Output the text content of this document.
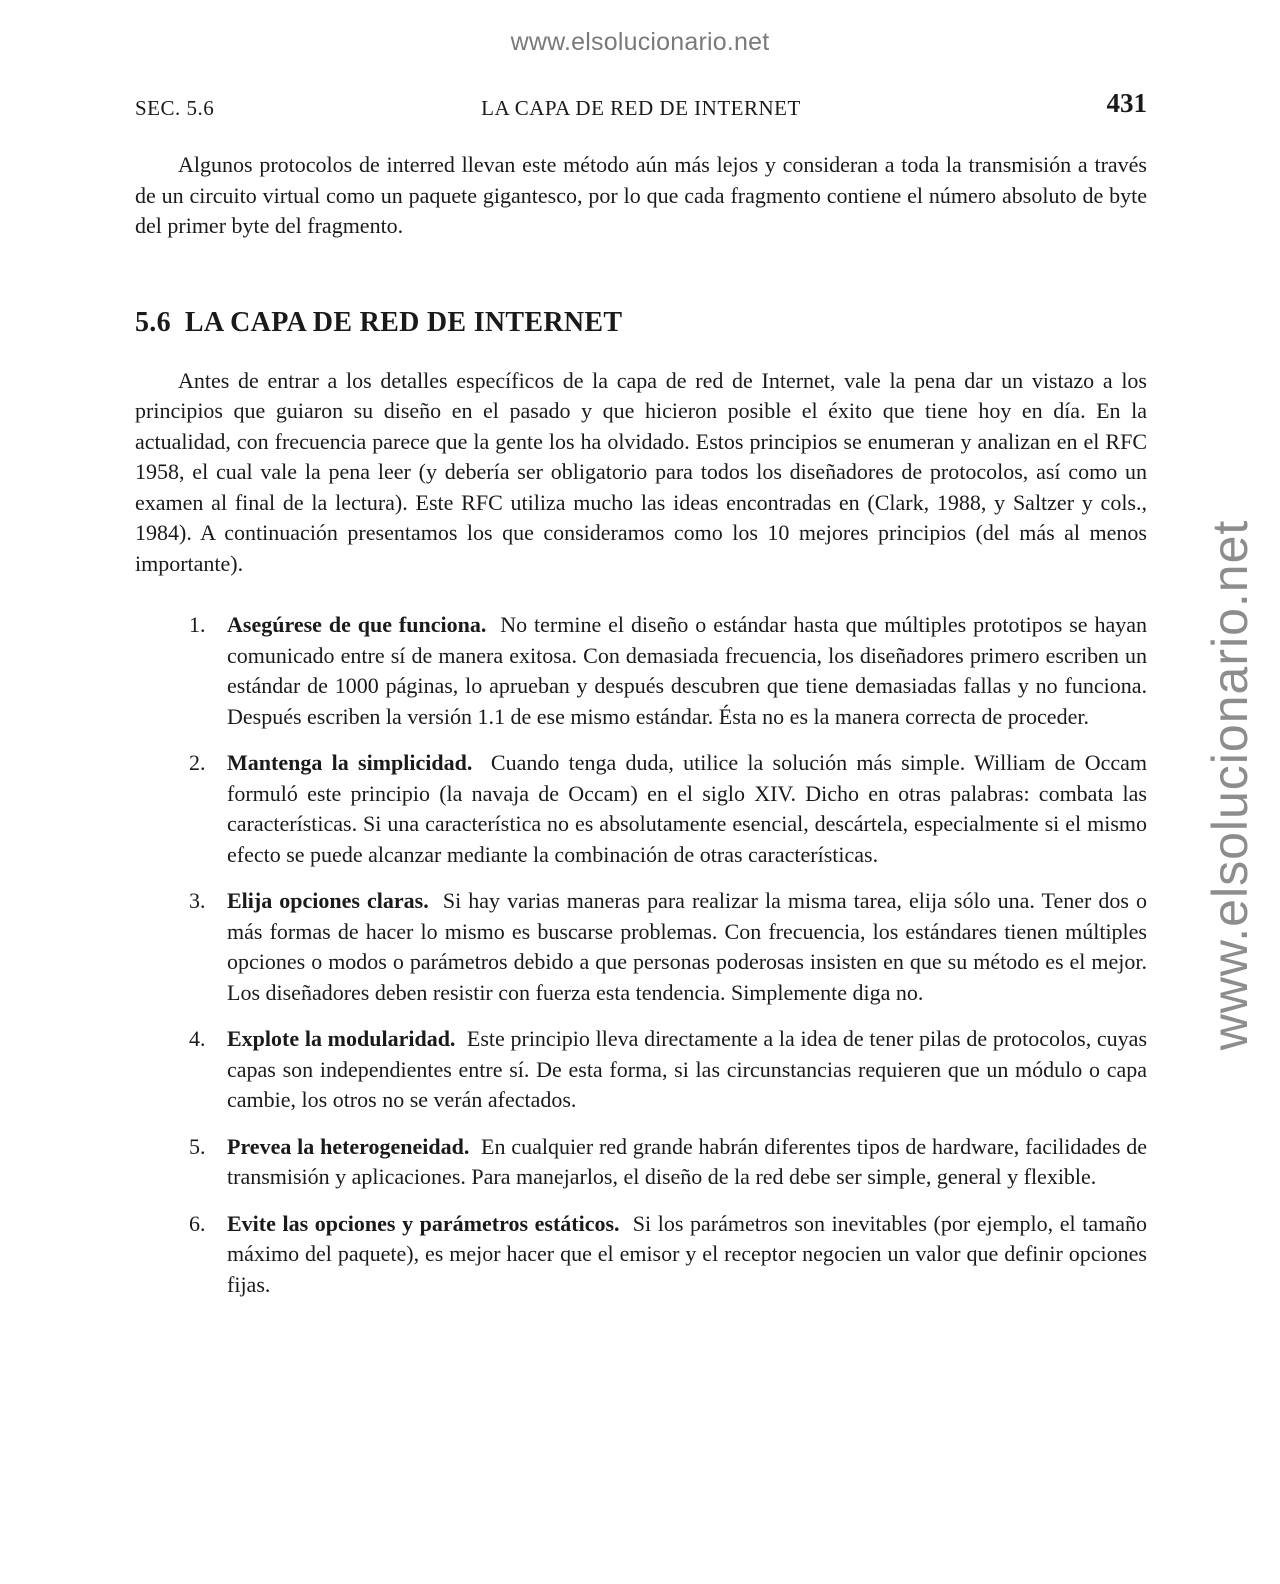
www.elsolucionario.net
www.elsolucionario.net
SEC. 5.6	LA CAPA DE RED DE INTERNET	431

Algunos protocolos de interred llevan este método aún más lejos y consideran a toda la transmisión a través de un circuito virtual como un paquete gigantesco, por lo que cada fragmento contiene el número absoluto de byte del primer byte del fragmento.

5.6 LA CAPA DE RED DE INTERNET

Antes de entrar a los detalles específicos de la capa de red de Internet, vale la pena dar un vistazo a los principios que guiaron su diseño en el pasado y que hicieron posible el éxito que tiene hoy en día. En la actualidad, con frecuencia parece que la gente los ha olvidado. Estos principios se enumeran y analizan en el RFC 1958, el cual vale la pena leer (y debería ser obligatorio para todos los diseñadores de protocolos, así como un examen al final de la lectura). Este RFC utiliza mucho las ideas encontradas en (Clark, 1988, y Saltzer y cols., 1984). A continuación presentamos los que consideramos como los 10 mejores principios (del más al menos importante).

1. Asegúrese de que funciona. No termine el diseño o estándar hasta que múltiples prototipos se hayan comunicado entre sí de manera exitosa. Con demasiada frecuencia, los diseñadores primero escriben un estándar de 1000 páginas, lo aprueban y después descubren que tiene demasiadas fallas y no funciona. Después escriben la versión 1.1 de ese mismo estándar. Ésta no es la manera correcta de proceder.
2. Mantenga la simplicidad. Cuando tenga duda, utilice la solución más simple. William de Occam formuló este principio (la navaja de Occam) en el siglo XIV. Dicho en otras palabras: combata las características. Si una característica no es absolutamente esencial, descártela, especialmente si el mismo efecto se puede alcanzar mediante la combinación de otras características.
3. Elija opciones claras. Si hay varias maneras para realizar la misma tarea, elija sólo una. Tener dos o más formas de hacer lo mismo es buscarse problemas. Con frecuencia, los estándares tienen múltiples opciones o modos o parámetros debido a que personas poderosas insisten en que su método es el mejor. Los diseñadores deben resistir con fuerza esta tendencia. Simplemente diga no.
4. Explote la modularidad. Este principio lleva directamente a la idea de tener pilas de protocolos, cuyas capas son independientes entre sí. De esta forma, si las circunstancias requieren que un módulo o capa cambie, los otros no se verán afectados.
5. Prevea la heterogeneidad. En cualquier red grande habrán diferentes tipos de hardware, facilidades de transmisión y aplicaciones. Para manejarlos, el diseño de la red debe ser simple, general y flexible.
6. Evite las opciones y parámetros estáticos. Si los parámetros son inevitables (por ejemplo, el tamaño máximo del paquete), es mejor hacer que el emisor y el receptor negocien un valor que definir opciones fijas.
